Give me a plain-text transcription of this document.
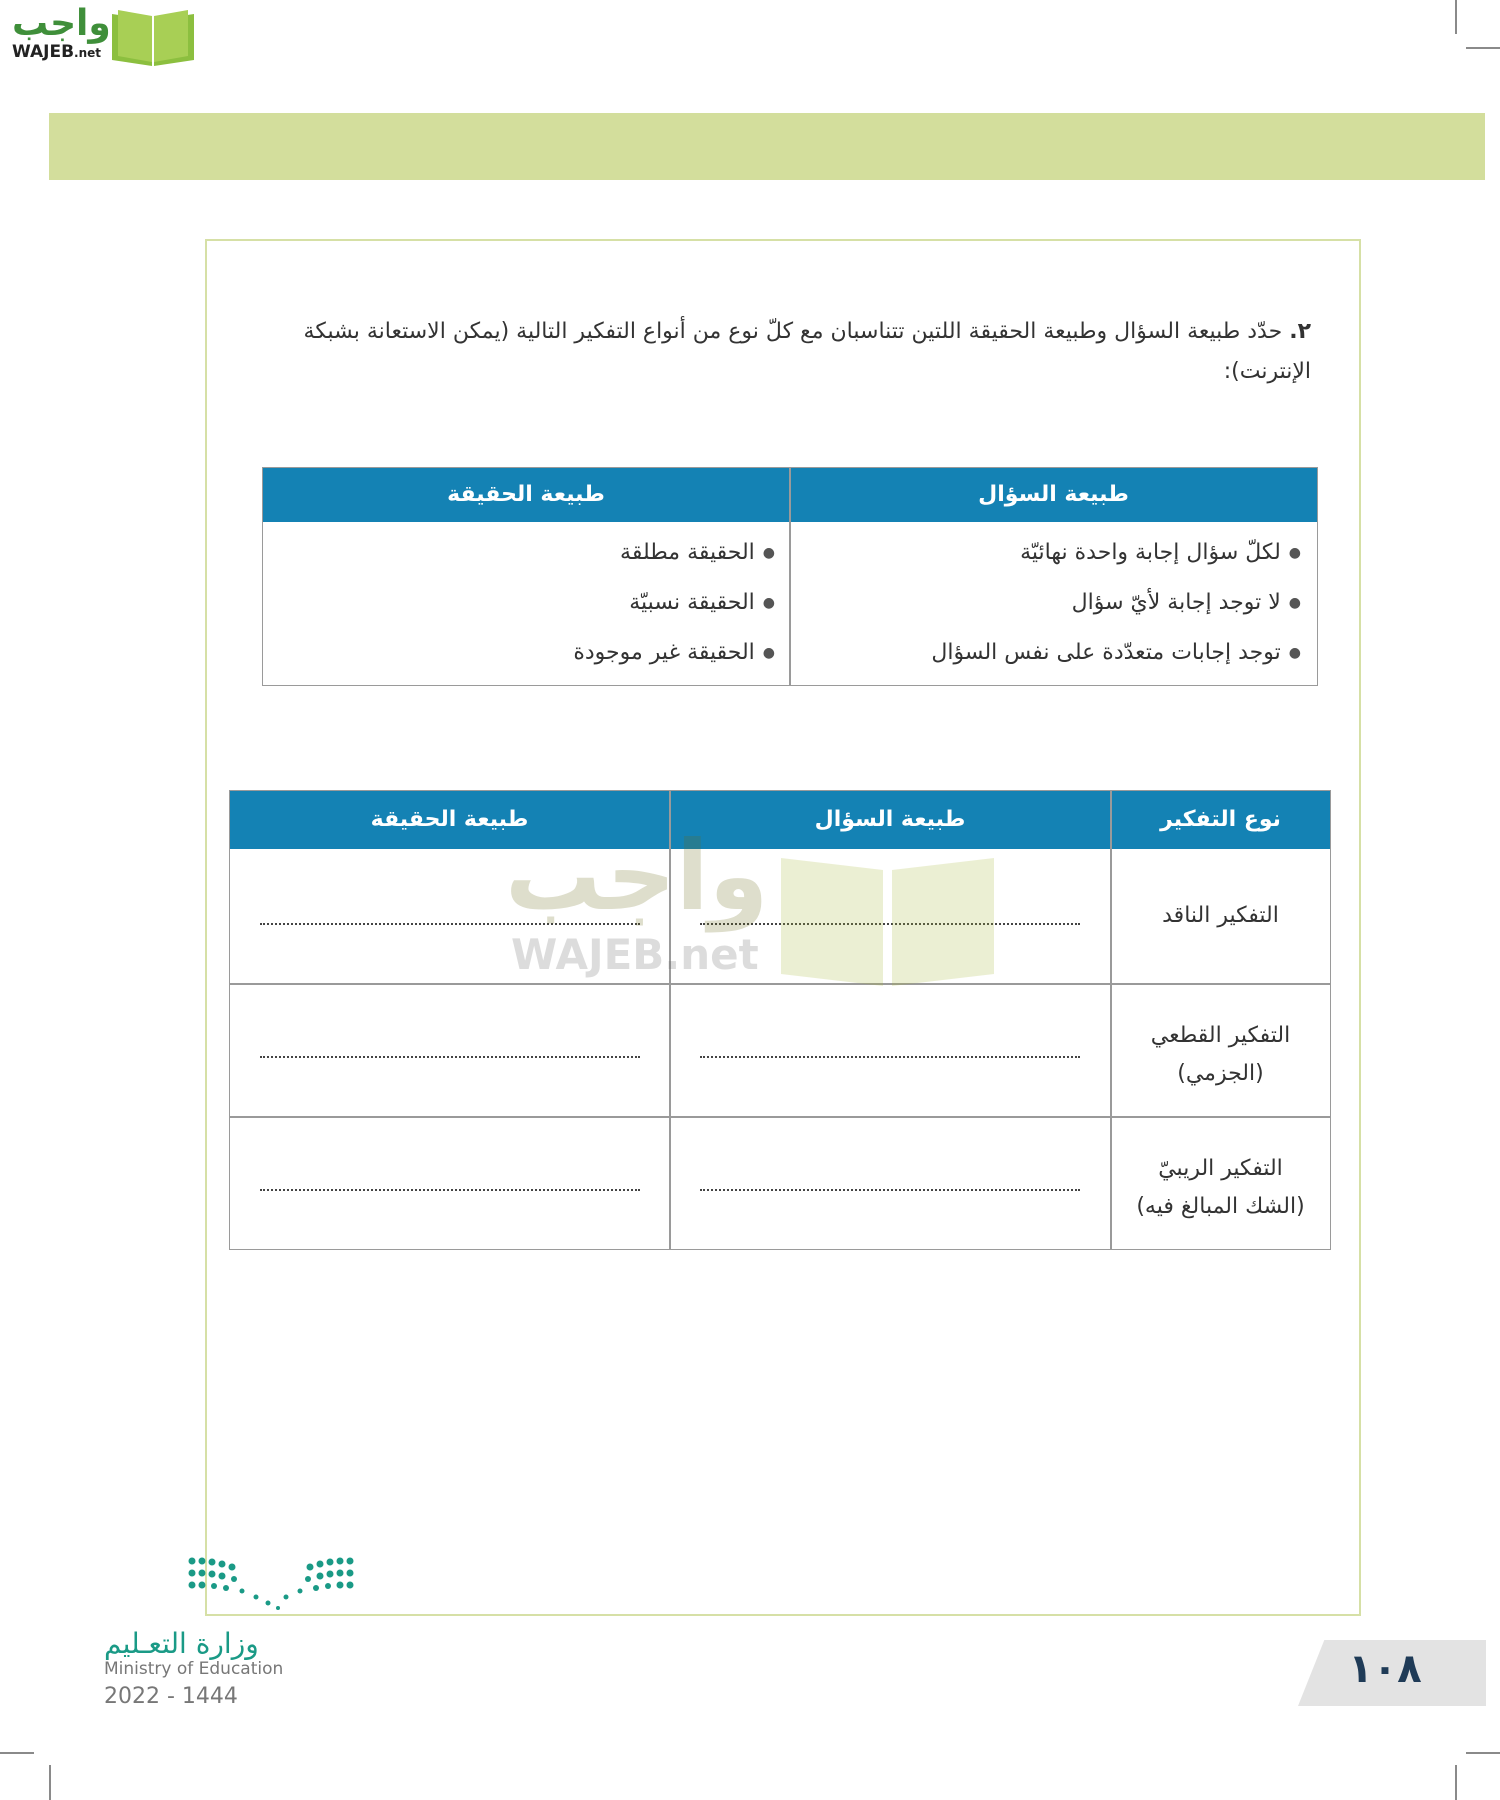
واجب
WAJEB.net
٢. حدّد طبيعة السؤال وطبيعة الحقيقة اللتين تتناسبان مع كلّ نوع من أنواع التفكير التالية (يمكن الاستعانة بشبكة الإنترنت):
طبيعة السؤال
طبيعة الحقيقة
● لكلّ سؤال إجابة واحدة نهائيّة
● لا توجد إجابة لأيّ سؤال
● توجد إجابات متعدّدة على نفس السؤال
● الحقيقة مطلقة
● الحقيقة نسبيّة
● الحقيقة غير موجودة
نوع التفكير
طبيعة السؤال
طبيعة الحقيقة
التفكير الناقد
التفكير القطعي
(الجزمي)
التفكير الريبيّ
(الشك المبالغ فيه)
واجب
WAJEB.net
وزارة التعـليم
Ministry of Education
2022 - 1444
١٠٨
